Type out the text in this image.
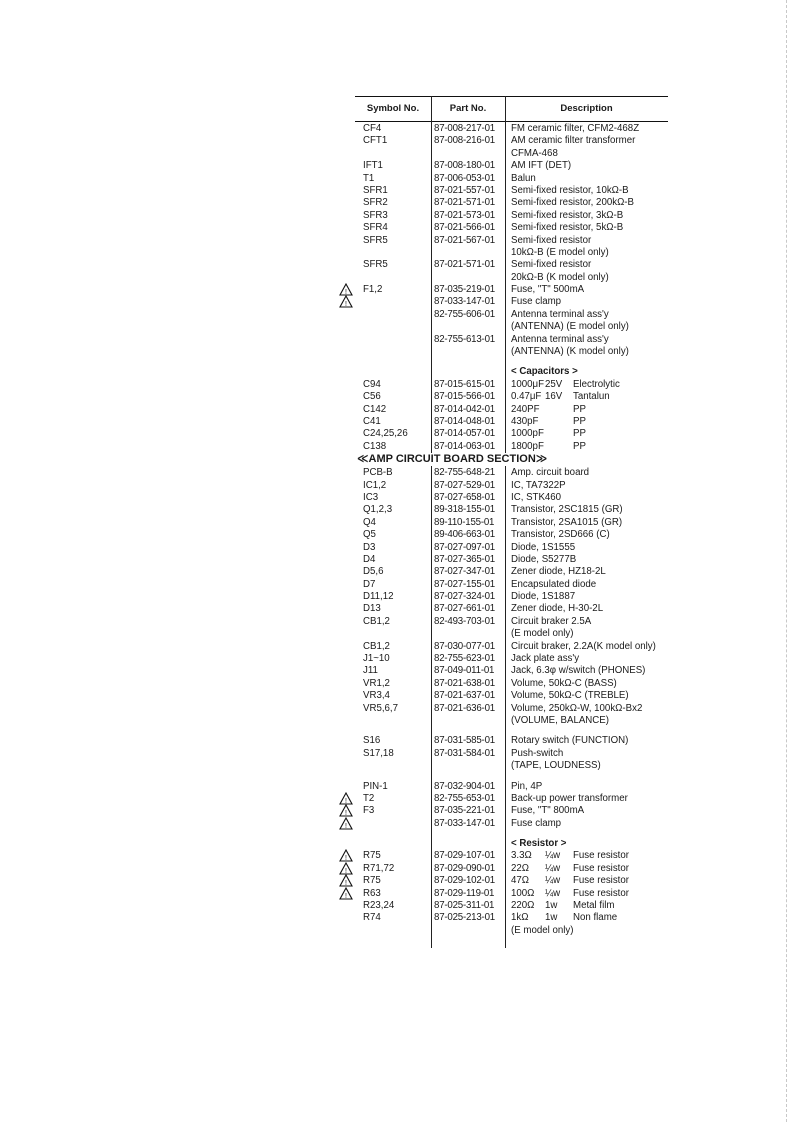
Symbol No.	Part No.	Description
CF4	87-008-217-01	FM ceramic filter, CFM2-468Z
CFT1	87-008-216-01	AM ceramic filter transformer
CFMA-468
IFT1	87-008-180-01	AM IFT (DET)
T1	87-006-053-01	Balun
SFR1	87-021-557-01	Semi-fixed resistor, 10kΩ-B
SFR2	87-021-571-01	Semi-fixed resistor, 200kΩ-B
SFR3	87-021-573-01	Semi-fixed resistor, 3kΩ-B
SFR4	87-021-566-01	Semi-fixed resistor, 5kΩ-B
SFR5	87-021-567-01	Semi-fixed resistor
10kΩ-B (E model only)
SFR5	87-021-571-01	Semi-fixed resistor
20kΩ-B (K model only)
! F1,2	87-035-219-01	Fuse, "T" 500mA
!	87-033-147-01	Fuse clamp
82-755-606-01	Antenna terminal ass'y
(ANTENNA) (E model only)
82-755-613-01	Antenna terminal ass'y
(ANTENNA) (K model only)
< Capacitors >
C94	87-015-615-01	1000μF25V Electrolytic
C56	87-015-566-01	0.47μF 16V Tantalun
C142	87-014-042-01	240PF	PP
C41	87-014-048-01	430pF	PP
C24,25,26	87-014-057-01	1000pF	PP
C138	87-014-063-01	1800pF	PP
≪AMP CIRCUIT BOARD SECTION≫
PCB-B	82-755-648-21	Amp. circuit board
IC1,2	87-027-529-01	IC, TA7322P
IC3	87-027-658-01	IC, STK460
Q1,2,3	89-318-155-01	Transistor, 2SC1815 (GR)
Q4	89-110-155-01	Transistor, 2SA1015 (GR)
Q5	89-406-663-01	Transistor, 2SD666 (C)
D3	87-027-097-01	Diode, 1S1555
D4	87-027-365-01	Diode, S5277B
D5,6	87-027-347-01	Zener diode, HZ18-2L
D7	87-027-155-01	Encapsulated diode
D11,12	87-027-324-01	Diode, 1S1887
D13	87-027-661-01	Zener diode, H-30-2L
CB1,2	82-493-703-01	Circuit braker 2.5A
(E model only)
CB1,2	87-030-077-01	Circuit braker, 2.2A(K model only)
J1~10	82-755-623-01	Jack plate ass'y
J11	87-049-011-01	Jack, 6.3φ w/switch (PHONES)
VR1,2	87-021-638-01	Volume, 50kΩ-C (BASS)
VR3,4	87-021-637-01	Volume, 50kΩ-C (TREBLE)
VR5,6,7	87-021-636-01	Volume, 250kΩ-W, 100kΩ-Bx2
(VOLUME, BALANCE)
S16	87-031-585-01	Rotary switch (FUNCTION)
S17,18	87-031-584-01	Push-switch
(TAPE, LOUDNESS)
PIN-1	87-032-904-01	Pin, 4P
! T2	82-755-653-01	Back-up power transformer
! F3	87-035-221-01	Fuse, "T" 800mA
!	87-033-147-01	Fuse clamp
< Resistor >
! R75	87-029-107-01	3.3Ω ¼w Fuse resistor
! R71,72	87-029-090-01	22Ω ¼w Fuse resistor
! R75	87-029-102-01	47Ω ¼w Fuse resistor
! R63	87-029-119-01	100Ω ¼w Fuse resistor
R23,24	87-025-311-01	220Ω 1w Metal film
R74	87-025-213-01	1kΩ 1w Non flame
(E model only)
